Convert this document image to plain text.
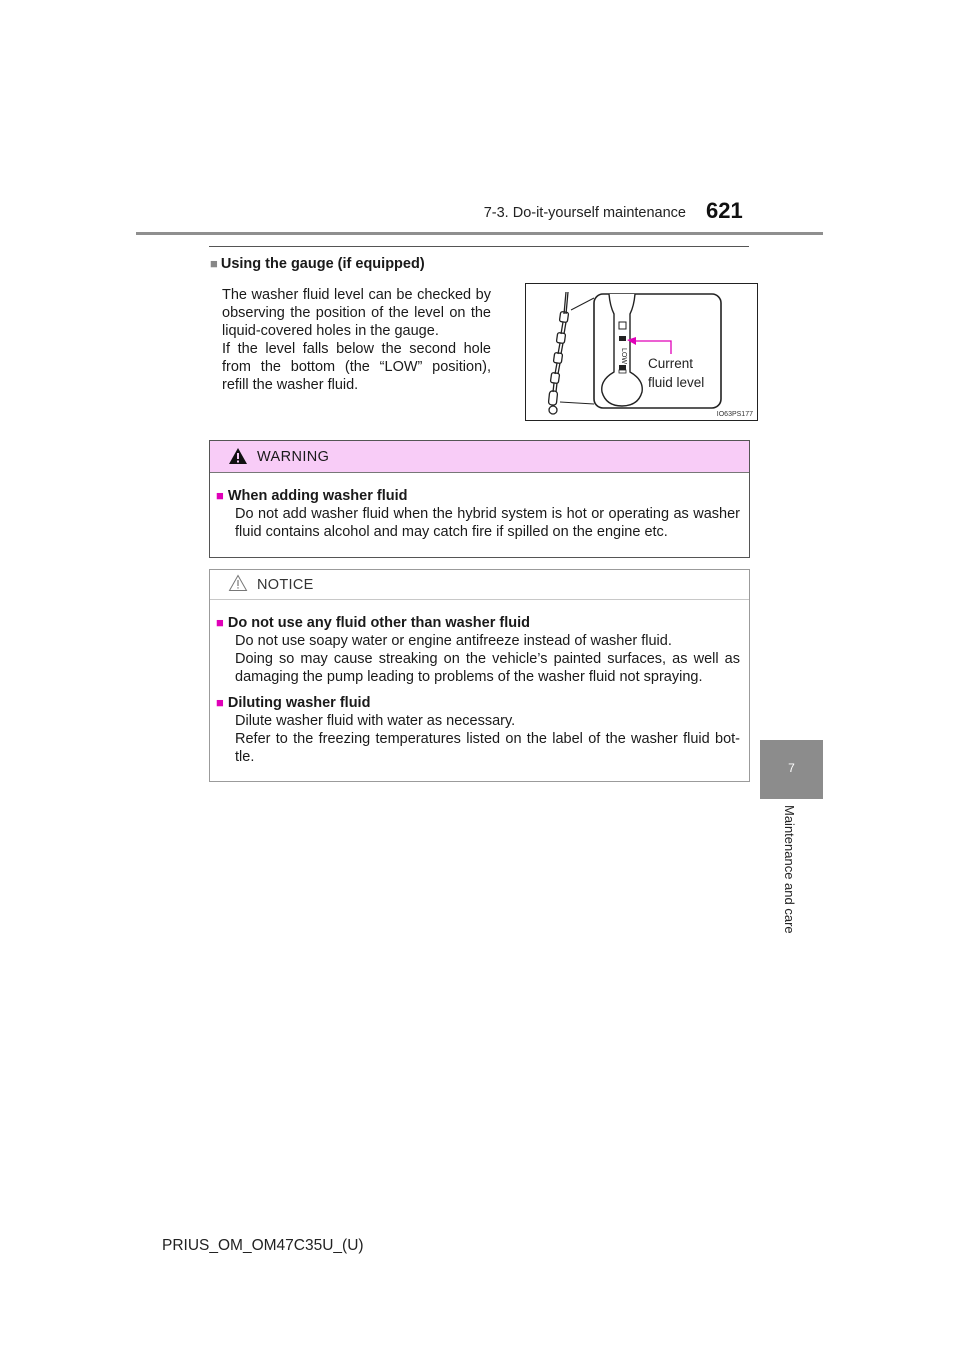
7-3. Do-it-yourself maintenance 621
■ Using the gauge (if equipped)

The washer fluid level can be checked by observing the position of the level on the liquid-covered holes in the gauge.

If the level falls below the second hole from the bottom (the “LOW” position), refill the washer fluid.

LOW Current
fluid level
IO63PS177
WARNING
■ When adding washer fluid
Do not add washer fluid when the hybrid system is hot or operating as washer fluid contains alcohol and may catch fire if spilled on the engine etc.
NOTICE
■ Do not use any fluid other than washer fluid
Do not use soapy water or engine antifreeze instead of washer fluid.
Doing so may cause streaking on the vehicle’s painted surfaces, as well as damaging the pump leading to problems of the washer fluid not spraying.
■ Diluting washer fluid
Dilute washer fluid with water as necessary.
Refer to the freezing temperatures listed on the label of the washer fluid bot-tle.
7
Maintenance and care
PRIUS_OM_OM47C35U_(U)
